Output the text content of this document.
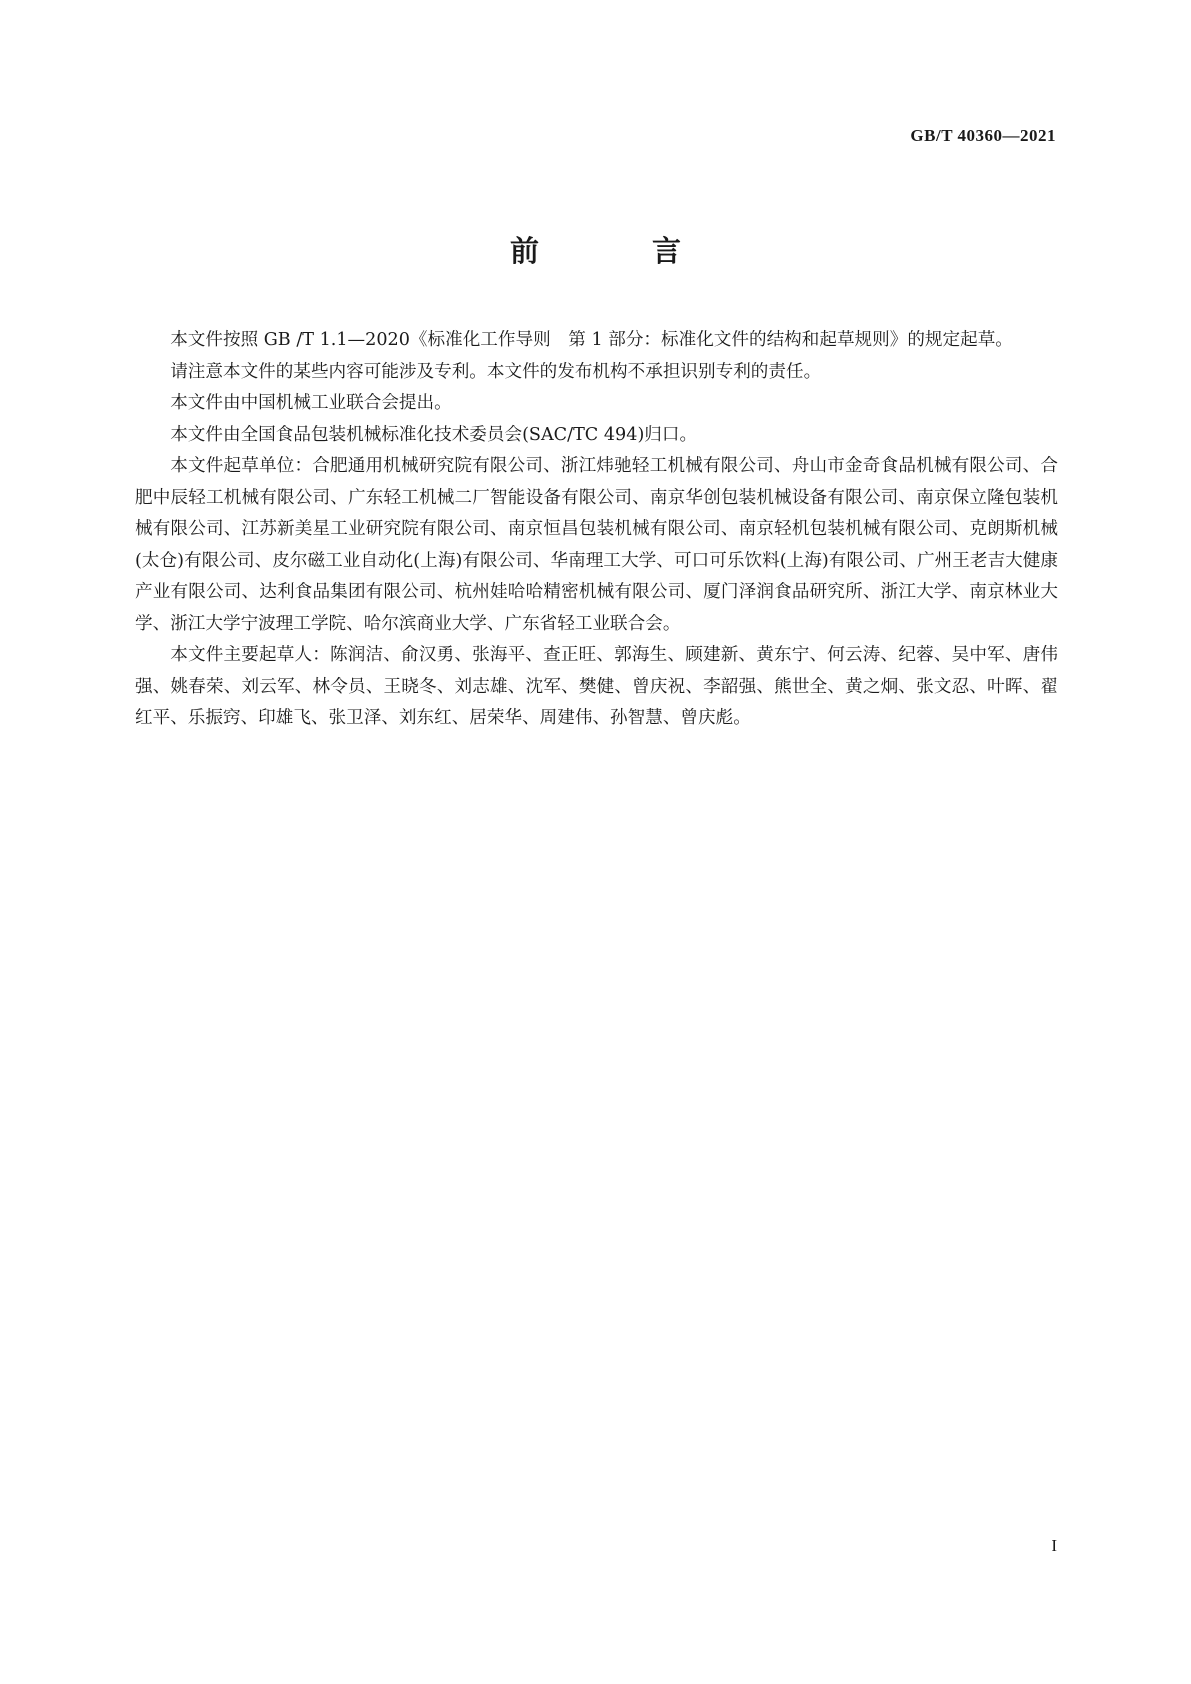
GB/T 40360—2021
前　言

本文件按照 GB /T 1.1—2020《标准化工作导则　第 1 部分：标准化文件的结构和起草规则》的规定起草。

请注意本文件的某些内容可能涉及专利。本文件的发布机构不承担识别专利的责任。

本文件由中国机械工业联合会提出。

本文件由全国食品包装机械标准化技术委员会(SAC/TC 494)归口。

本文件起草单位：合肥通用机械研究院有限公司、浙江炜驰轻工机械有限公司、舟山市金奇食品机械有限公司、合肥中辰轻工机械有限公司、广东轻工机械二厂智能设备有限公司、南京华创包装机械设备有限公司、南京保立隆包装机械有限公司、江苏新美星工业研究院有限公司、南京恒昌包装机械有限公司、南京轻机包装机械有限公司、克朗斯机械(太仓)有限公司、皮尔磁工业自动化(上海)有限公司、华南理工大学、可口可乐饮料(上海)有限公司、广州王老吉大健康产业有限公司、达利食品集团有限公司、杭州娃哈哈精密机械有限公司、厦门泽润食品研究所、浙江大学、南京林业大学、浙江大学宁波理工学院、哈尔滨商业大学、广东省轻工业联合会。

本文件主要起草人：陈润洁、俞汉勇、张海平、查正旺、郭海生、顾建新、黄东宁、何云涛、纪蓉、吴中军、唐伟强、姚春荣、刘云军、林令员、王晓冬、刘志雄、沈军、樊健、曾庆祝、李韶强、熊世全、黄之炯、张文忍、叶晖、翟红平、乐振窍、印雄飞、张卫泽、刘东红、居荣华、周建伟、孙智慧、曾庆彪。

I
